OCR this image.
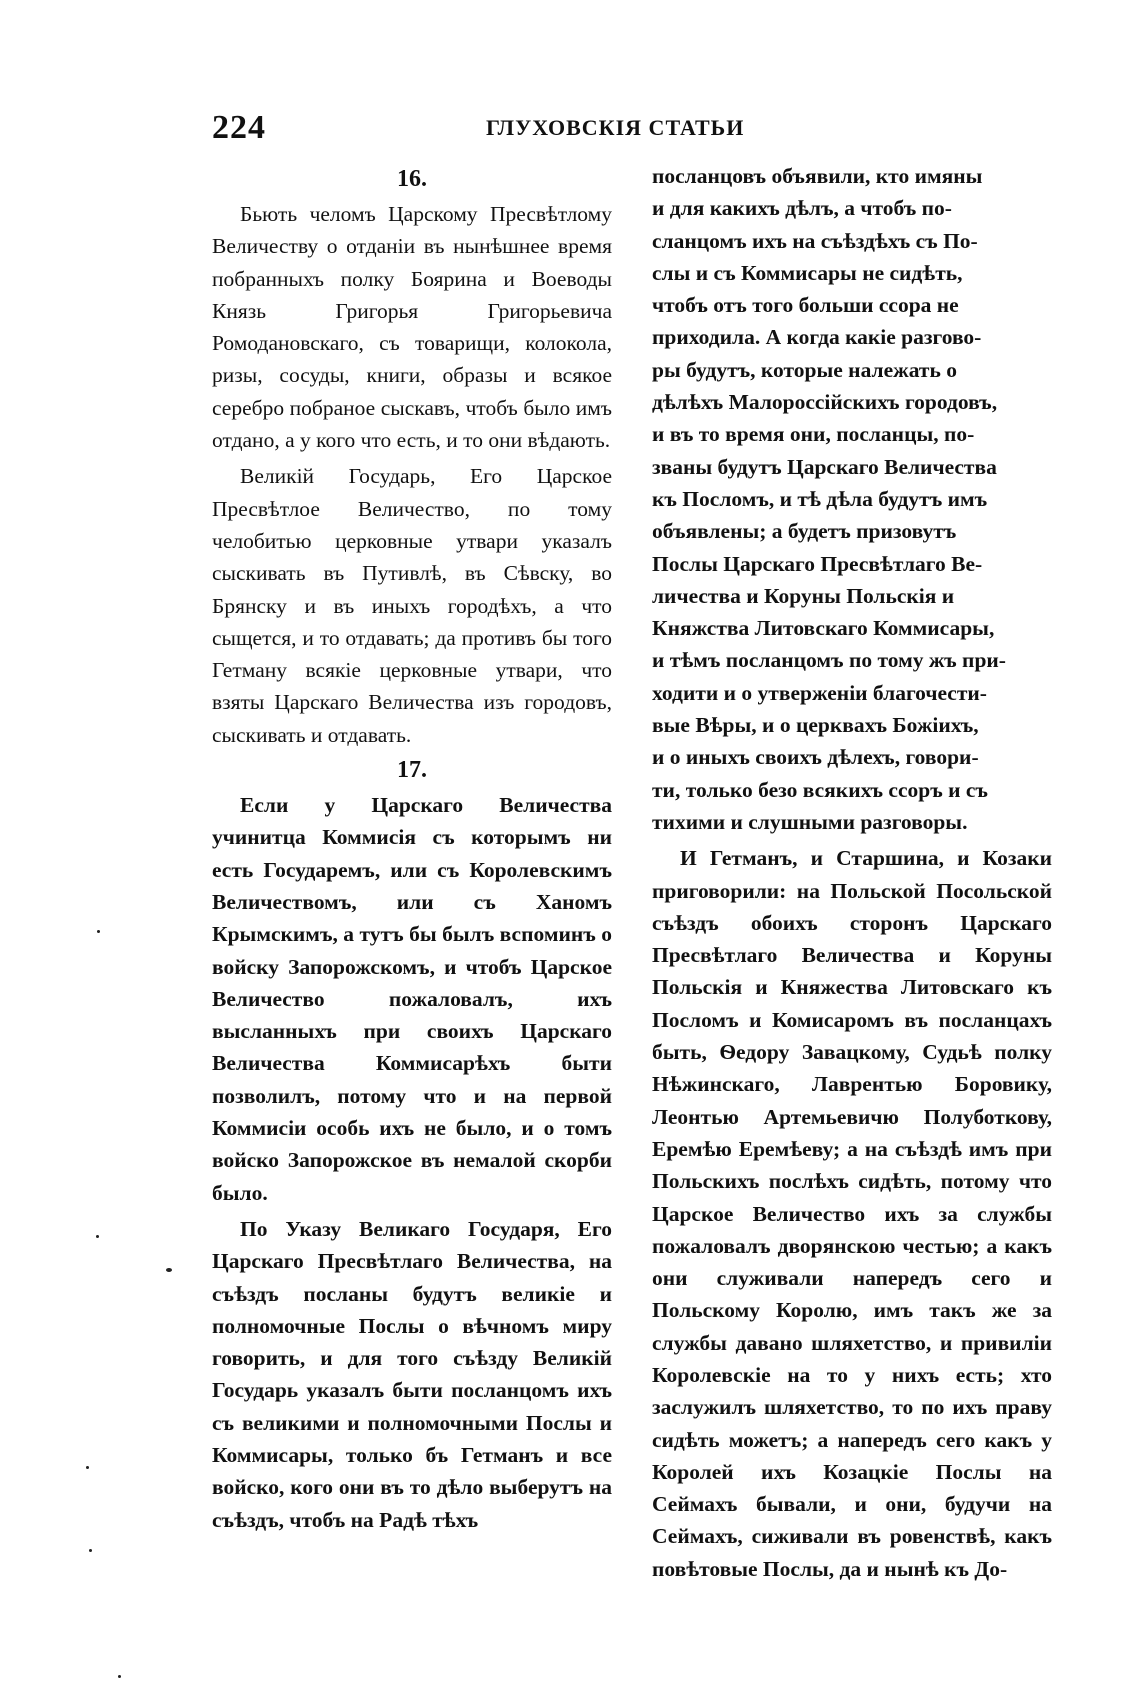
224	ГЛУХОВСКІЯ СТАТЬИ
16.

Бьють челомъ Царскому Пресвѣтлому Величеству о отданіи въ нынѣшнее время побранныхъ полку Боярина и Воеводы Князь Григорья Григорьевича Ромодановскаго, съ товарищи, колокола, ризы, сосуды, книги, образы и всякое серебро побраное сыскавъ, чтобъ было имъ отдано, а у кого что есть, и то они вѣдають.

Великій Государь, Его Царское Пресвѣтлое Величество, по тому челобитью церковные утвари указалъ сыскивать въ Путивлѣ, въ Сѣвску, во Брянску и въ иныхъ городѣхъ, а что сыщется, и то отдавать; да противъ бы того Гетману всякіе церковные утвари, что взяты Царскаго Величества изъ городовъ, сыскивать и отдавать.

17.

Если у Царскаго Величества учинитца Коммисія съ которымъ ни есть Государемъ, или съ Королевскимъ Величествомъ, или съ Ханомъ Крымскимъ, а тутъ бы былъ вспоминъ о войску Запорожскомъ, и чтобъ Царское Величество пожаловалъ, ихъ высланныхъ при своихъ Царскаго Величества Коммисарѣхъ быти позволилъ, потому что и на первой Коммисіи особь ихъ не было, и о томъ войско Запорожское въ немалой скорби было.

По Указу Великаго Государя, Его Царскаго Пресвѣтлаго Величества, на съѣздъ посланы будутъ великіе и полномочные Послы о вѣчномъ миру говорить, и для того съѣзду Великій Государь указалъ быти посланцомъ ихъ съ великими и полномочными Послы и Коммисары, только бъ Гетманъ и все войско, кого они въ то дѣло выберутъ на съѣздъ, чтобъ на Радѣ тѣхъ

посланцовъ объявили, кто имяны
и для какихъ дѣлъ, а чтобъ по-
сланцомъ ихъ на съѣздѣхъ съ По-
слы и съ Коммисары не сидѣть,
чтобъ отъ того больши ссора не
приходила. А когда какіе разгово-
ры будутъ, которые належать о
дѣлѣхъ Малороссійскихъ городовъ,
и въ то время они, посланцы, по-
званы будутъ Царскаго Величества
къ Посломъ, и тѣ дѣла будутъ имъ
объявлены; а будетъ призовутъ
Послы Царскаго Пресвѣтлаго Ве-
личества и Коруны Польскія и
Княжства Литовскаго Коммисары,
и тѣмъ посланцомъ по тому жъ при-
ходити и о утверженіи благочести-
вые Вѣры, и о церквахъ Божіихъ,
и о иныхъ своихъ дѣлехъ, говори-
ти, только безо всякихъ ссоръ и съ
тихими и слушными разговоры.

И Гетманъ, и Старшина, и Козаки приговорили: на Польской Посольской съѣздъ обоихъ сторонъ Царскаго Пресвѣтлаго Величества и Коруны Польскія и Княжества Литовскаго къ Посломъ и Комисаромъ въ посланцахъ быть, Ѳедору Завацкому, Судьѣ полку Нѣжинскаго, Лаврентью Боровику, Леонтью Артемьевичю Полуботкову, Еремѣю Еремѣеву; а на съѣздѣ имъ при Польскихъ послѣхъ сидѣть, потому что Царское Величество ихъ за службы пожаловалъ дворянскою честью; а какъ они служивали напередъ сего и Польскому Королю, имъ такъ же за службы давано шляхетство, и привиліи Королевскіе на то у нихъ есть; хто заслужилъ шляхетство, то по ихъ праву сидѣть можетъ; а напередъ сего какъ у Королей ихъ Козацкіе Послы на Сеймахъ бывали, и они, будучи на Сеймахъ, сиживали въ ровенствѣ, какъ повѣтовые Послы, да и нынѣ къ До-
